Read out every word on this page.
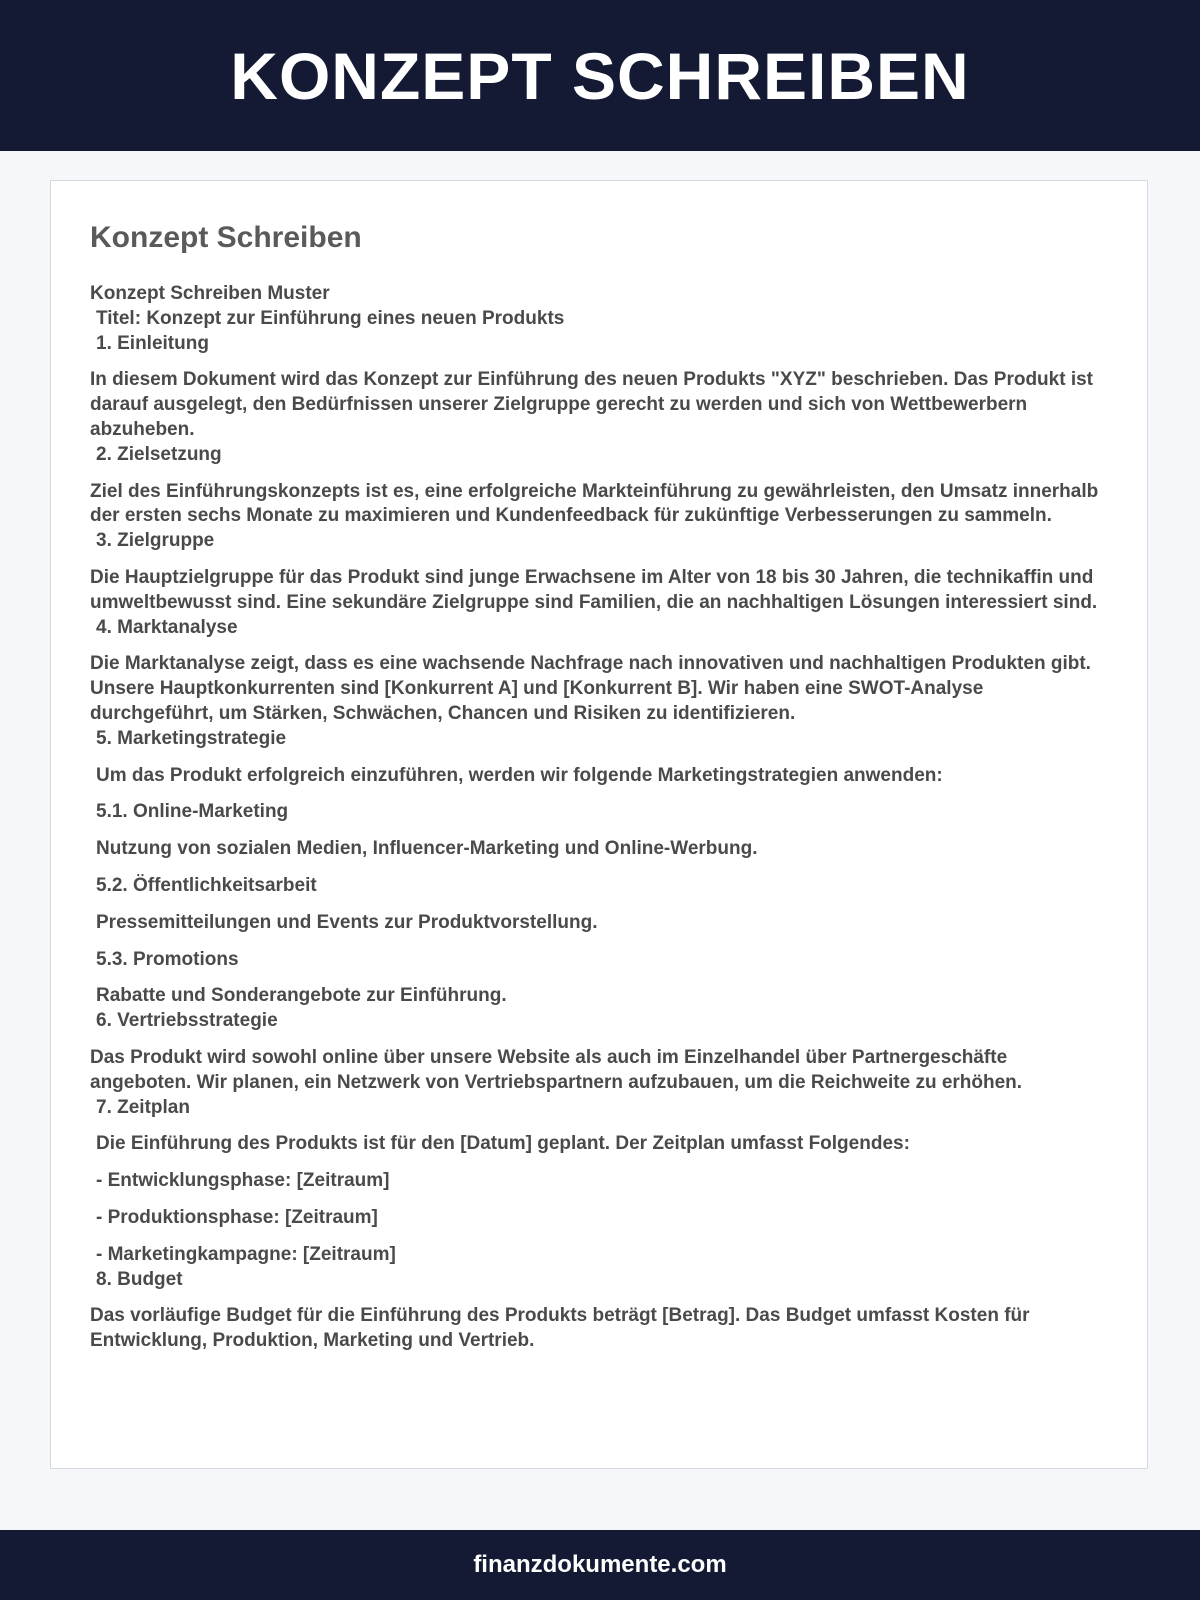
KONZEPT SCHREIBEN
Konzept Schreiben

Konzept Schreiben Muster

Titel: Konzept zur Einführung eines neuen Produkts

1. Einleitung

In diesem Dokument wird das Konzept zur Einführung des neuen Produkts "XYZ" beschrieben. Das Produkt ist darauf ausgelegt, den Bedürfnissen unserer Zielgruppe gerecht zu werden und sich von Wettbewerbern abzuheben.

2. Zielsetzung

Ziel des Einführungskonzepts ist es, eine erfolgreiche Markteinführung zu gewährleisten, den Umsatz innerhalb der ersten sechs Monate zu maximieren und Kundenfeedback für zukünftige Verbesserungen zu sammeln.

3. Zielgruppe

Die Hauptzielgruppe für das Produkt sind junge Erwachsene im Alter von 18 bis 30 Jahren, die technikaffin und umweltbewusst sind. Eine sekundäre Zielgruppe sind Familien, die an nachhaltigen Lösungen interessiert sind.

4. Marktanalyse

Die Marktanalyse zeigt, dass es eine wachsende Nachfrage nach innovativen und nachhaltigen Produkten gibt. Unsere Hauptkonkurrenten sind [Konkurrent A] und [Konkurrent B]. Wir haben eine SWOT-Analyse durchgeführt, um Stärken, Schwächen, Chancen und Risiken zu identifizieren.

5. Marketingstrategie

Um das Produkt erfolgreich einzuführen, werden wir folgende Marketingstrategien anwenden:

5.1. Online-Marketing

Nutzung von sozialen Medien, Influencer-Marketing und Online-Werbung.

5.2. Öffentlichkeitsarbeit

Pressemitteilungen und Events zur Produktvorstellung.

5.3. Promotions

Rabatte und Sonderangebote zur Einführung.

6. Vertriebsstrategie

Das Produkt wird sowohl online über unsere Website als auch im Einzelhandel über Partnergeschäfte angeboten. Wir planen, ein Netzwerk von Vertriebspartnern aufzubauen, um die Reichweite zu erhöhen.

7. Zeitplan

Die Einführung des Produkts ist für den [Datum] geplant. Der Zeitplan umfasst Folgendes:

- Entwicklungsphase: [Zeitraum]

- Produktionsphase: [Zeitraum]

- Marketingkampagne: [Zeitraum]

8. Budget

Das vorläufige Budget für die Einführung des Produkts beträgt [Betrag]. Das Budget umfasst Kosten für Entwicklung, Produktion, Marketing und Vertrieb.

finanzdokumente.com
